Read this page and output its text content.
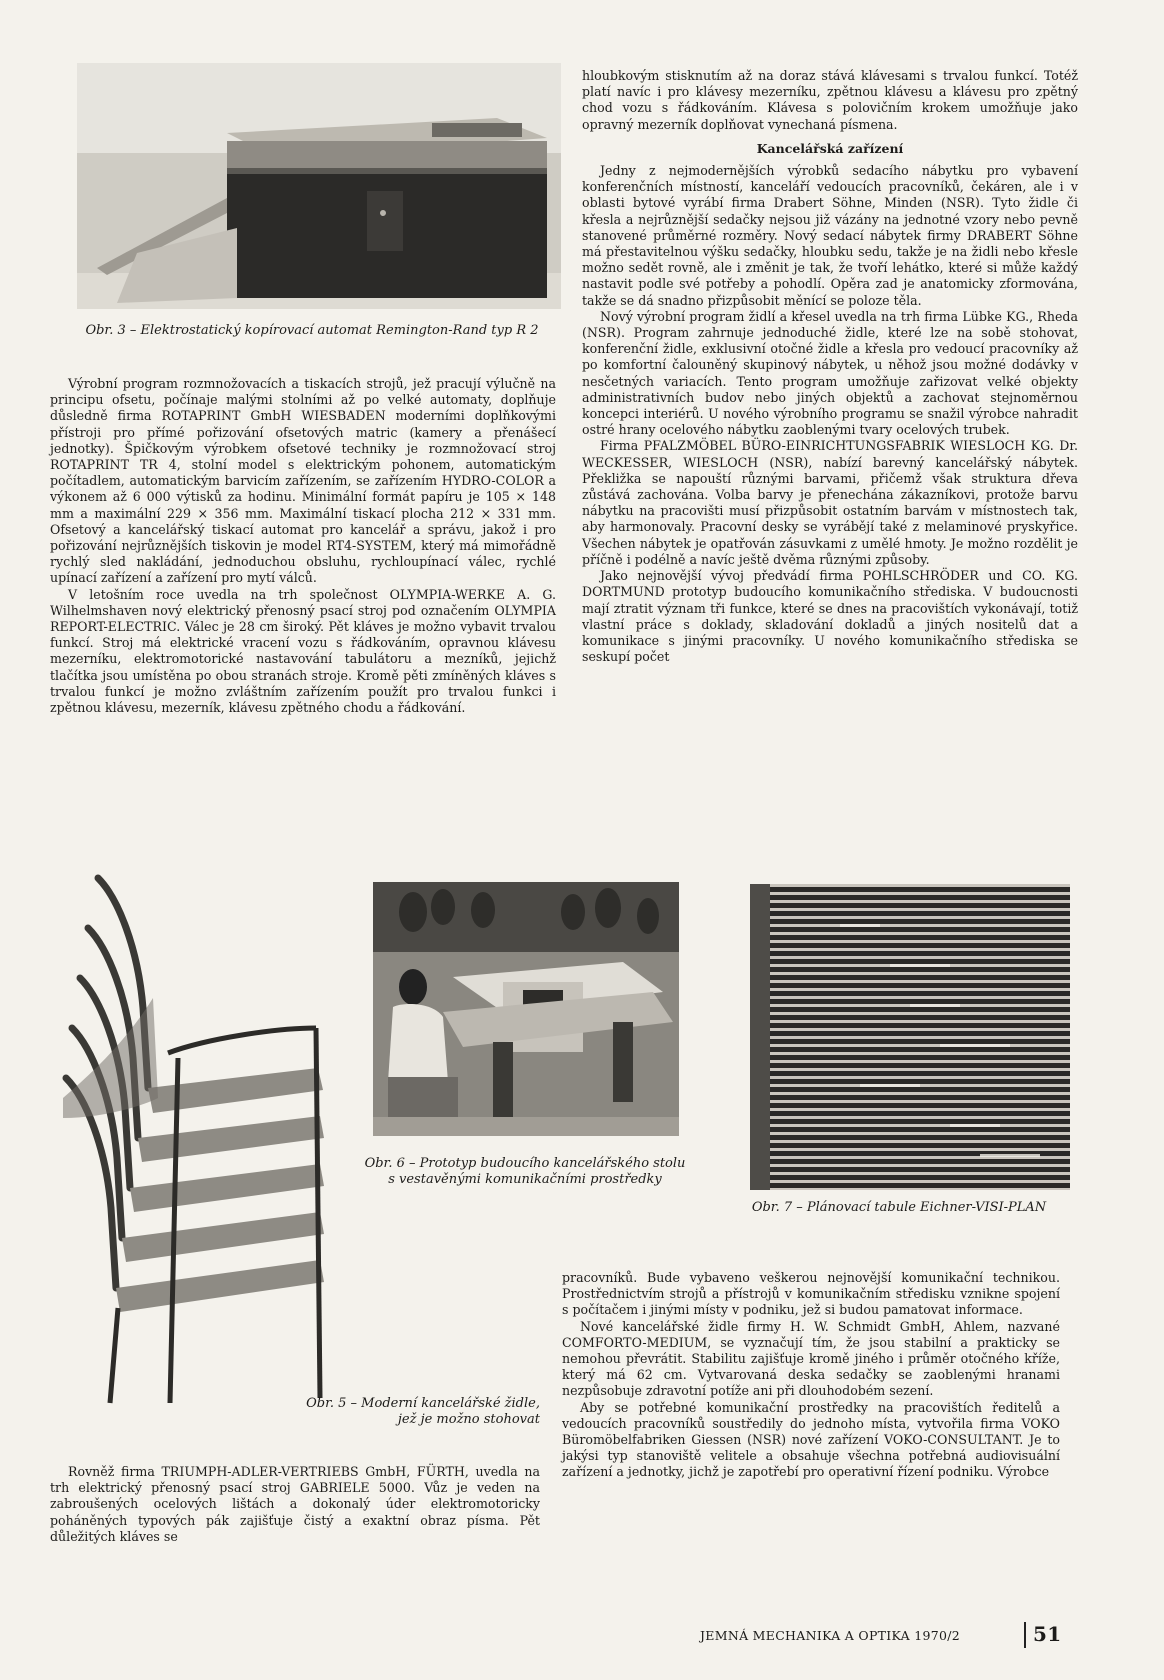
Obr. 3 – Elektrostatický kopírovací automat Remington-Rand typ R 2

Výrobní program rozmnožovacích a tiskacích strojů, jež pracují výlučně na principu ofsetu, počínaje malými stolními až po velké automaty, doplňuje důsledně firma ROTAPRINT GmbH WIESBADEN moderními doplňkovými přístroji pro přímé pořizování ofsetových matric (kamery a přenášecí jednotky). Špičkovým výrobkem ofsetové techniky je rozmnožovací stroj ROTAPRINT TR 4, stolní model s elektrickým pohonem, automatickým počítadlem, automatickým barvicím zařízením, se zařízením HYDRO-COLOR a výkonem až 6 000 výtisků za hodinu. Minimální formát papíru je 105 × 148 mm a maximální 229 × 356 mm. Maximální tiskací plocha 212 × 331 mm. Ofsetový a kancelářský tiskací automat pro kancelář a správu, jakož i pro pořizování nejrůznějších tiskovin je model RT4-SYSTEM, který má mimořádně rychlý sled nakládání, jednoduchou obsluhu, rychloupínací válec, rychlé upínací zařízení a zařízení pro mytí válců.

V letošním roce uvedla na trh společnost OLYMPIA-WERKE A. G. Wilhelmshaven nový elektrický přenosný psací stroj pod označením OLYMPIA REPORT-ELECTRIC. Válec je 28 cm široký. Pět kláves je možno vybavit trvalou funkcí. Stroj má elektrické vracení vozu s řádkováním, opravnou klávesu mezerníku, elektromotorické nastavování tabulátoru a mezníků, jejichž tlačítka jsou umístěna po obou stranách stroje. Kromě pěti zmíněných kláves s trvalou funkcí je možno zvláštním zařízením použít pro trvalou funkci i zpětnou klávesu, mezerník, klávesu zpětného chodu a řádkování.

hloubkovým stisknutím až na doraz stává klávesami s trvalou funkcí. Totéž platí navíc i pro klávesy mezerníku, zpětnou klávesu a klávesu pro zpětný chod vozu s řádkováním. Klávesa s polovičním krokem umožňuje jako opravný mezerník doplňovat vynechaná písmena.

Kancelářská zařízení

Jedny z nejmodernějších výrobků sedacího nábytku pro vybavení konferenčních místností, kanceláří vedoucích pracovníků, čekáren, ale i v oblasti bytové vyrábí firma Drabert Söhne, Minden (NSR). Tyto židle či křesla a nejrůznější sedačky nejsou již vázány na jednotné vzory nebo pevně stanovené průměrné rozměry. Nový sedací nábytek firmy DRABERT Söhne má přestavitelnou výšku sedačky, hloubku sedu, takže je na židli nebo křesle možno sedět rovně, ale i změnit je tak, že tvoří lehátko, které si může každý nastavit podle své potřeby a pohodlí. Opěra zad je anatomicky zformována, takže se dá snadno přizpůsobit měnící se poloze těla.

Nový výrobní program židlí a křesel uvedla na trh firma Lübke KG., Rheda (NSR). Program zahrnuje jednoduché židle, které lze na sobě stohovat, konferenční židle, exklusivní otočné židle a křesla pro vedoucí pracovníky až po komfortní čalouněný skupinový nábytek, u něhož jsou možné dodávky v nesčetných variacích. Tento program umožňuje zařizovat velké objekty administrativních budov nebo jiných objektů a zachovat stejnoměrnou koncepci interiérů. U nového výrobního programu se snažil výrobce nahradit ostré hrany ocelového nábytku zaoblenými tvary ocelových trubek.

Firma PFALZMÖBEL BÜRO-EINRICHTUNGSFABRIK WIESLOCH KG. Dr. WECKESSER, WIESLOCH (NSR), nabízí barevný kancelářský nábytek. Překližka se napouští různými barvami, přičemž však struktura dřeva zůstává zachována. Volba barvy je přenechána zákazníkovi, protože barvu nábytku na pracovišti musí přizpůsobit ostatním barvám v místnostech tak, aby harmonovaly. Pracovní desky se vyrábějí také z melaminové pryskyřice. Všechen nábytek je opatřován zásuvkami z umělé hmoty. Je možno rozdělit je příčně i podélně a navíc ještě dvěma různými způsoby.

Jako nejnovější vývoj předvádí firma POHLSCHRÖDER und CO. KG. DORTMUND prototyp budoucího komunikačního střediska. V budoucnosti mají ztratit význam tři funkce, které se dnes na pracovištích vykonávají, totiž vlastní práce s doklady, skladování dokladů a jiných nositelů dat a komunikace s jinými pracovníky. U nového komunikačního střediska se seskupí počet

Obr. 5 – Moderní kancelářské židle, jež je možno stohovat
Obr. 6 – Prototyp budoucího kancelářského stolu s vestavěnými komunikačními prostředky
Obr. 7 – Plánovací tabule Eichner-VISI-PLAN

Rovněž firma TRIUMPH-ADLER-VERTRIEBS GmbH, FÜRTH, uvedla na trh elektrický přenosný psací stroj GABRIELE 5000. Vůz je veden na zabroušených ocelových lištách a dokonalý úder elektromotoricky poháněných typových pák zajišťuje čistý a exaktní obraz písma. Pět důležitých kláves se

pracovníků. Bude vybaveno veškerou nejnovější komunikační technikou. Prostřednictvím strojů a přístrojů v komunikačním středisku vznikne spojení s počítačem i jinými místy v podniku, jež si budou pamatovat informace.

Nové kancelářské židle firmy H. W. Schmidt GmbH, Ahlem, nazvané COMFORTO-MEDIUM, se vyznačují tím, že jsou stabilní a prakticky se nemohou převrátit. Stabilitu zajišťuje kromě jiného i průměr otočného kříže, který má 62 cm. Vytvarovaná deska sedačky se zaoblenými hranami nezpůsobuje zdravotní potíže ani při dlouhodobém sezení.

Aby se potřebné komunikační prostředky na pracovištích ředitelů a vedoucích pracovníků soustředily do jednoho místa, vytvořila firma VOKO Büromöbelfabriken Giessen (NSR) nové zařízení VOKO-CONSULTANT. Je to jakýsi typ stanoviště velitele a obsahuje všechna potřebná audiovisuální zařízení a jednotky, jichž je zapotřebí pro operativní řízení podniku. Výrobce

JEMNÁ MECHANIKA A OPTIKA 1970/2	51
